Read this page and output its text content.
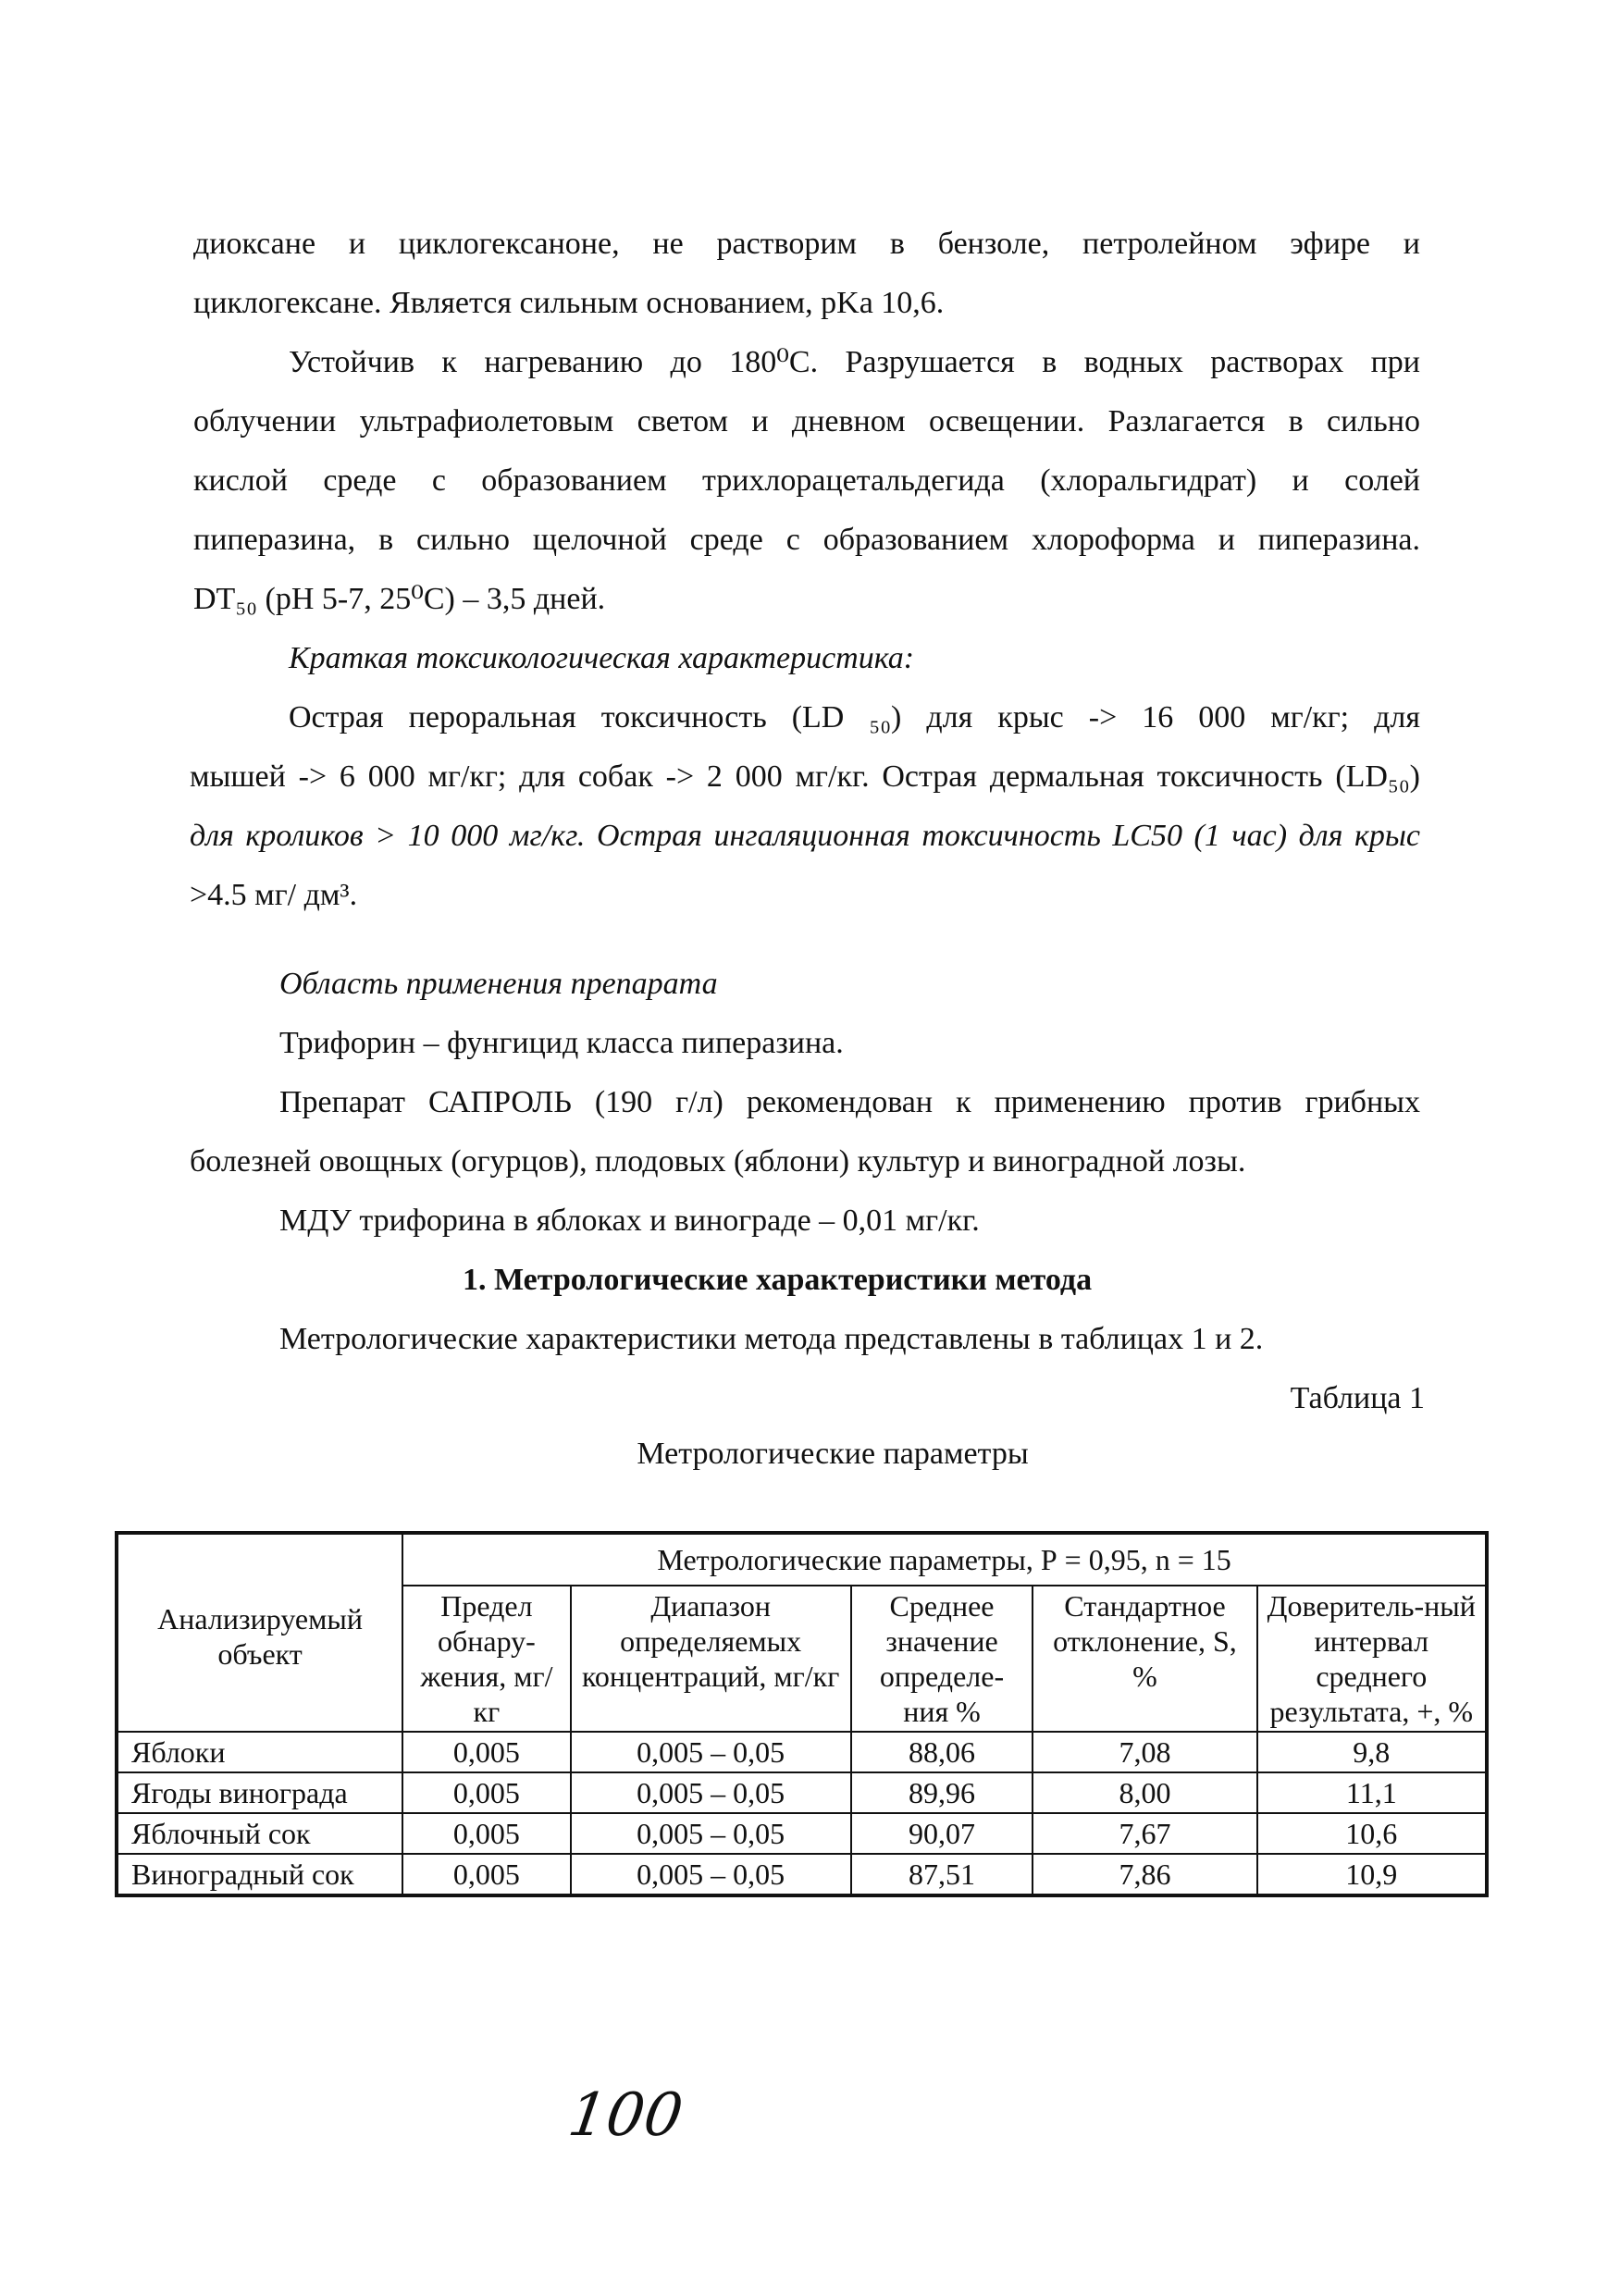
диоксане и циклогексаноне, не растворим в бензоле, петролейном эфире и

циклогексане. Является сильным основанием, pKa 10,6.

Устойчив к нагреванию до 180⁰С. Разрушается в водных растворах при

облучении ультрафиолетовым светом и дневном освещении. Разлагается в сильно

кислой среде с образованием трихлорацетальдегида (хлоральгидрат) и солей

пиперазина, в сильно щелочной среде с образованием хлороформа и пиперазина.

DT₅₀ (рН 5-7, 25⁰С) – 3,5 дней.

Краткая токсикологическая характеристика:

Острая пероральная токсичность (LD ₅₀) для крыс -> 16 000 мг/кг; для

мышей -> 6 000 мг/кг; для собак -> 2 000 мг/кг. Острая дермальная токсичность (LD₅₀)

для кроликов > 10 000 мг/кг. Острая ингаляционная токсичность LC50 (1 час) для крыс

>4.5 мг/ дм³.

Область применения препарата

Трифорин – фунгицид класса пиперазина.

Препарат САПРОЛЬ (190 г/л) рекомендован к применению против грибных

болезней овощных (огурцов), плодовых (яблони) культур и виноградной лозы.

МДУ трифорина в яблоках и винограде – 0,01 мг/кг.

1. Метрологические характеристики метода

Метрологические характеристики метода представлены в таблицах 1 и 2.

Таблица 1

Метрологические параметры

Анализируемый объект	Метрологические параметры, Р = 0,95, n = 15				
	Предел обнару-жения, мг/кг	Диапазон определяемых концентраций, мг/кг	Среднее значение определе-ния %	Стандартное отклонение, S, %	Доверитель-ный интервал среднего результата, +, %
Яблоки	0,005	0,005 – 0,05	88,06	7,08	9,8
Ягоды винограда	0,005	0,005 – 0,05	89,96	8,00	11,1
Яблочный сок	0,005	0,005 – 0,05	90,07	7,67	10,6
Виноградный сок	0,005	0,005 – 0,05	87,51	7,86	10,9
100
